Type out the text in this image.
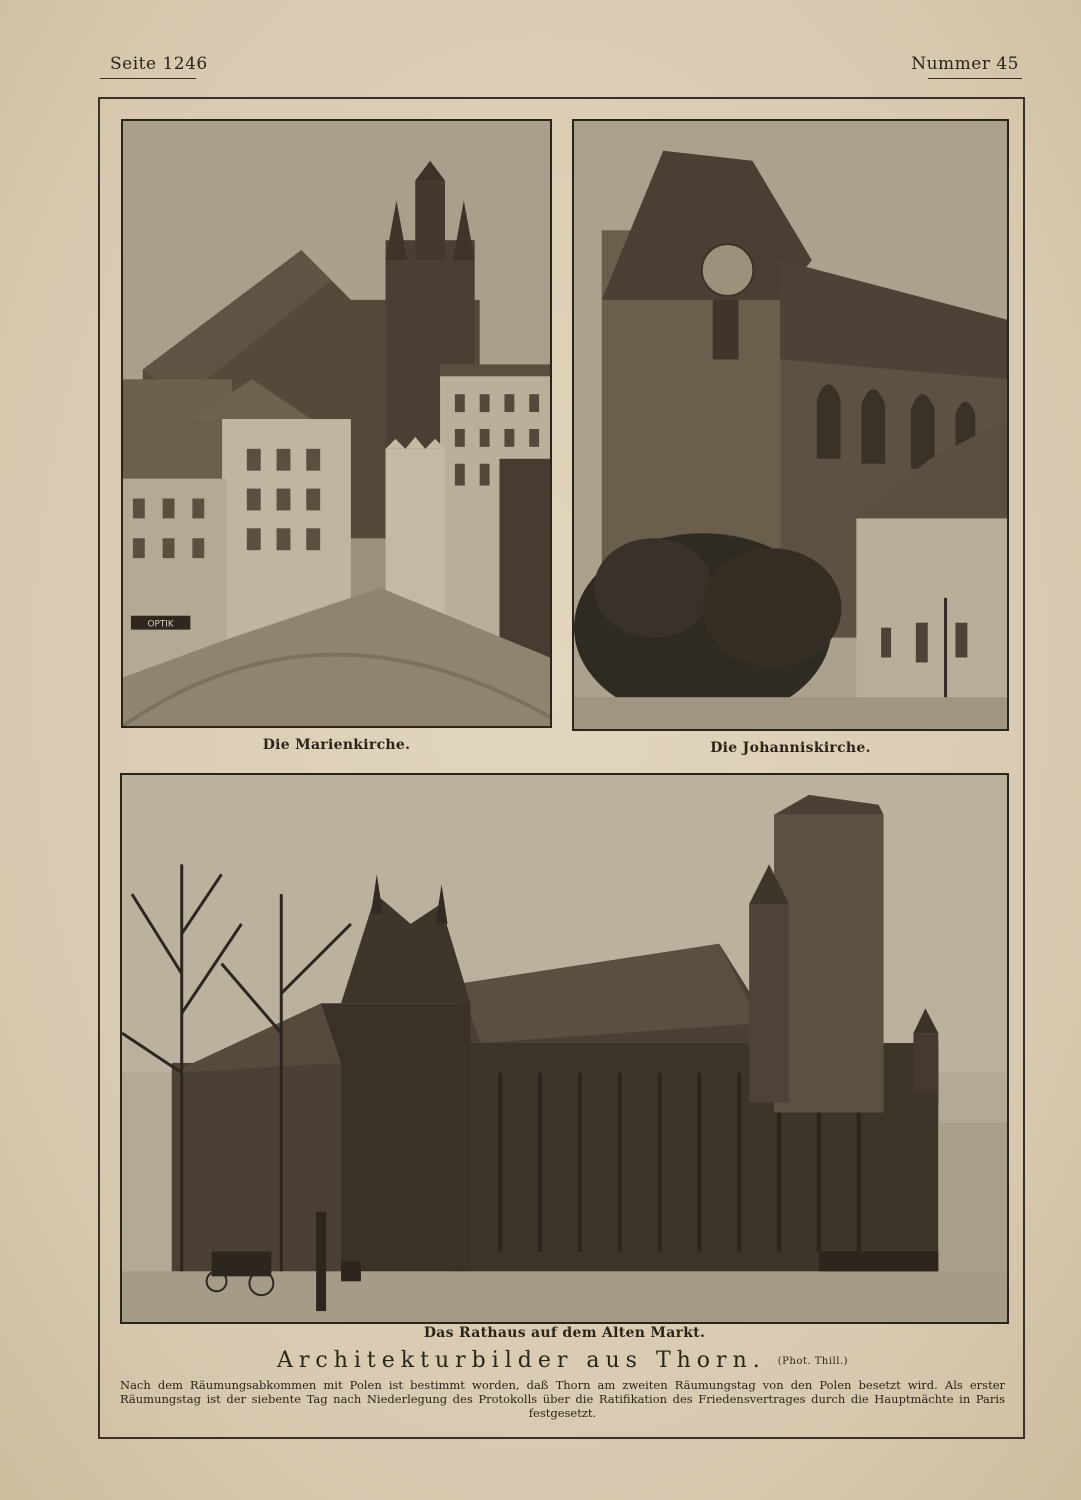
Seite 1246	Nummer 45
OPTIK
Die Marienkirche.	Die Johanniskirche.
Das Rathaus auf dem Alten Markt.
Architekturbilder aus Thorn. (Phot. Thill.)
Nach dem Räumungsabkommen mit Polen ist bestimmt worden, daß Thorn am zweiten Räumungstag von den Polen besetzt wird. Als erster Räumungstag ist der siebente Tag nach Niederlegung des Protokolls über die Ratifikation des Friedensvertrages durch die Hauptmächte in Paris festgesetzt.
